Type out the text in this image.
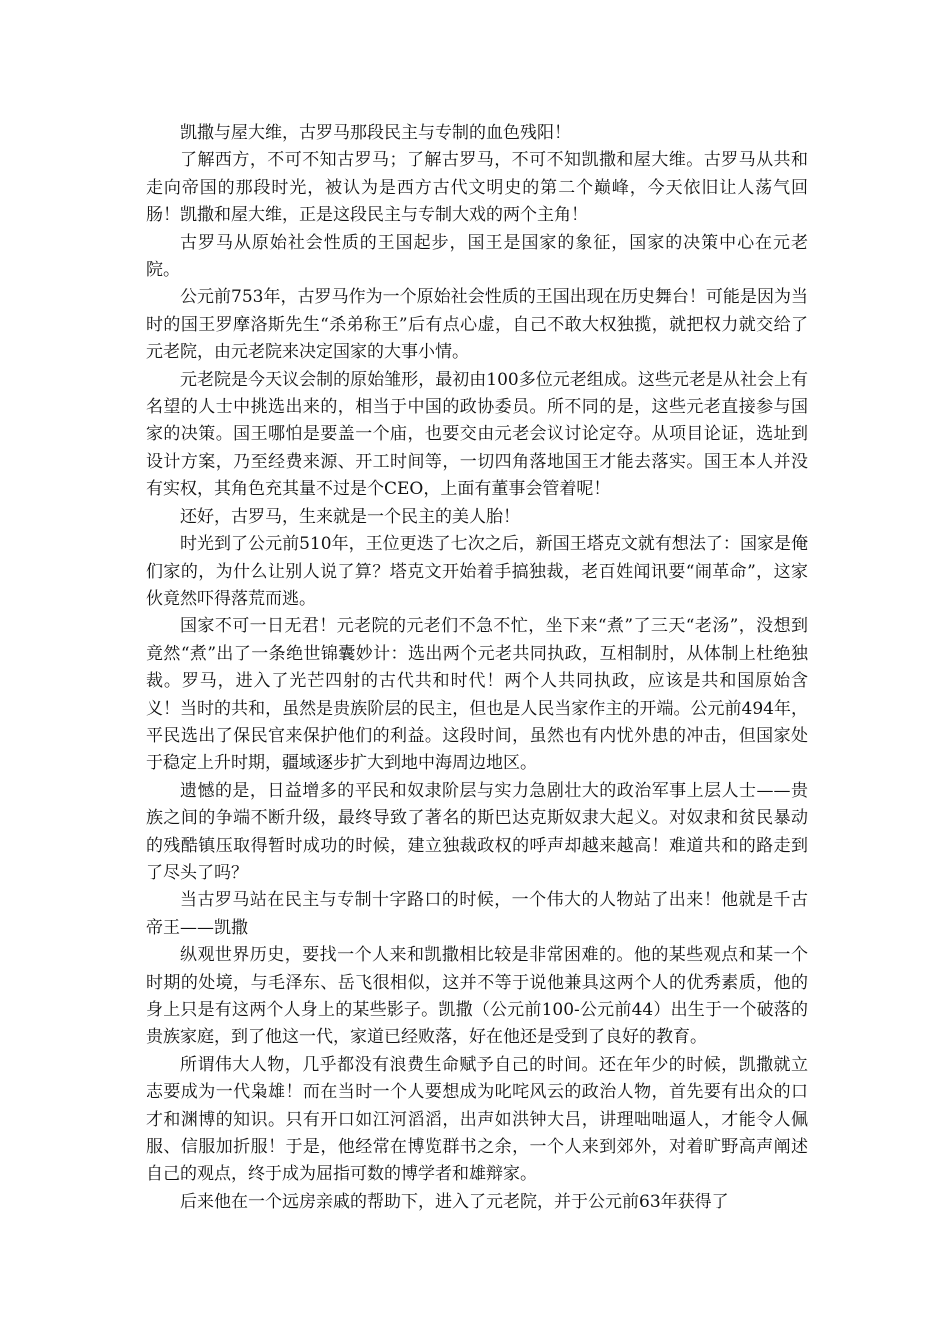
凯撒与屋大维，古罗马那段民主与专制的血色残阳！

了解西方，不可不知古罗马；了解古罗马，不可不知凯撒和屋大维。古罗马从共和走向帝国的那段时光，被认为是西方古代文明史的第二个巅峰，今天依旧让人荡气回肠！凯撒和屋大维，正是这段民主与专制大戏的两个主角！

古罗马从原始社会性质的王国起步，国王是国家的象征，国家的决策中心在元老院。

公元前753年，古罗马作为一个原始社会性质的王国出现在历史舞台！可能是因为当时的国王罗摩洛斯先生“杀弟称王”后有点心虚，自己不敢大权独揽，就把权力就交给了元老院，由元老院来决定国家的大事小情。

元老院是今天议会制的原始雏形，最初由100多位元老组成。这些元老是从社会上有名望的人士中挑选出来的，相当于中国的政协委员。所不同的是，这些元老直接参与国家的决策。国王哪怕是要盖一个庙，也要交由元老会议讨论定夺。从项目论证，选址到设计方案，乃至经费来源、开工时间等，一切四角落地国王才能去落实。国王本人并没有实权，其角色充其量不过是个CEO，上面有董事会管着呢！

还好，古罗马，生来就是一个民主的美人胎！

时光到了公元前510年，王位更迭了七次之后，新国王塔克文就有想法了：国家是俺们家的，为什么让别人说了算？塔克文开始着手搞独裁，老百姓闻讯要“闹革命”，这家伙竟然吓得落荒而逃。

国家不可一日无君！元老院的元老们不急不忙，坐下来“煮”了三天“老汤”，没想到竟然“煮”出了一条绝世锦囊妙计：选出两个元老共同执政，互相制肘，从体制上杜绝独裁。罗马，进入了光芒四射的古代共和时代！两个人共同执政，应该是共和国原始含义！当时的共和，虽然是贵族阶层的民主，但也是人民当家作主的开端。公元前494年，平民选出了保民官来保护他们的利益。这段时间，虽然也有内忧外患的冲击，但国家处于稳定上升时期，疆域逐步扩大到地中海周边地区。

遗憾的是，日益增多的平民和奴隶阶层与实力急剧壮大的政治军事上层人士——贵族之间的争端不断升级，最终导致了著名的斯巴达克斯奴隶大起义。对奴隶和贫民暴动的残酷镇压取得暂时成功的时候，建立独裁政权的呼声却越来越高！难道共和的路走到了尽头了吗？

当古罗马站在民主与专制十字路口的时候，一个伟大的人物站了出来！他就是千古帝王——凯撒

纵观世界历史，要找一个人来和凯撒相比较是非常困难的。他的某些观点和某一个时期的处境，与毛泽东、岳飞很相似，这并不等于说他兼具这两个人的优秀素质，他的身上只是有这两个人身上的某些影子。凯撒（公元前100-公元前44）出生于一个破落的贵族家庭，到了他这一代，家道已经败落，好在他还是受到了良好的教育。

所谓伟大人物，几乎都没有浪费生命赋予自己的时间。还在年少的时候，凯撒就立志要成为一代枭雄！而在当时一个人要想成为叱咤风云的政治人物，首先要有出众的口才和渊博的知识。只有开口如江河滔滔，出声如洪钟大吕，讲理咄咄逼人，才能令人佩服、信服加折服！于是，他经常在博览群书之余，一个人来到郊外，对着旷野高声阐述自己的观点，终于成为屈指可数的博学者和雄辩家。

后来他在一个远房亲戚的帮助下，进入了元老院，并于公元前63年获得了
